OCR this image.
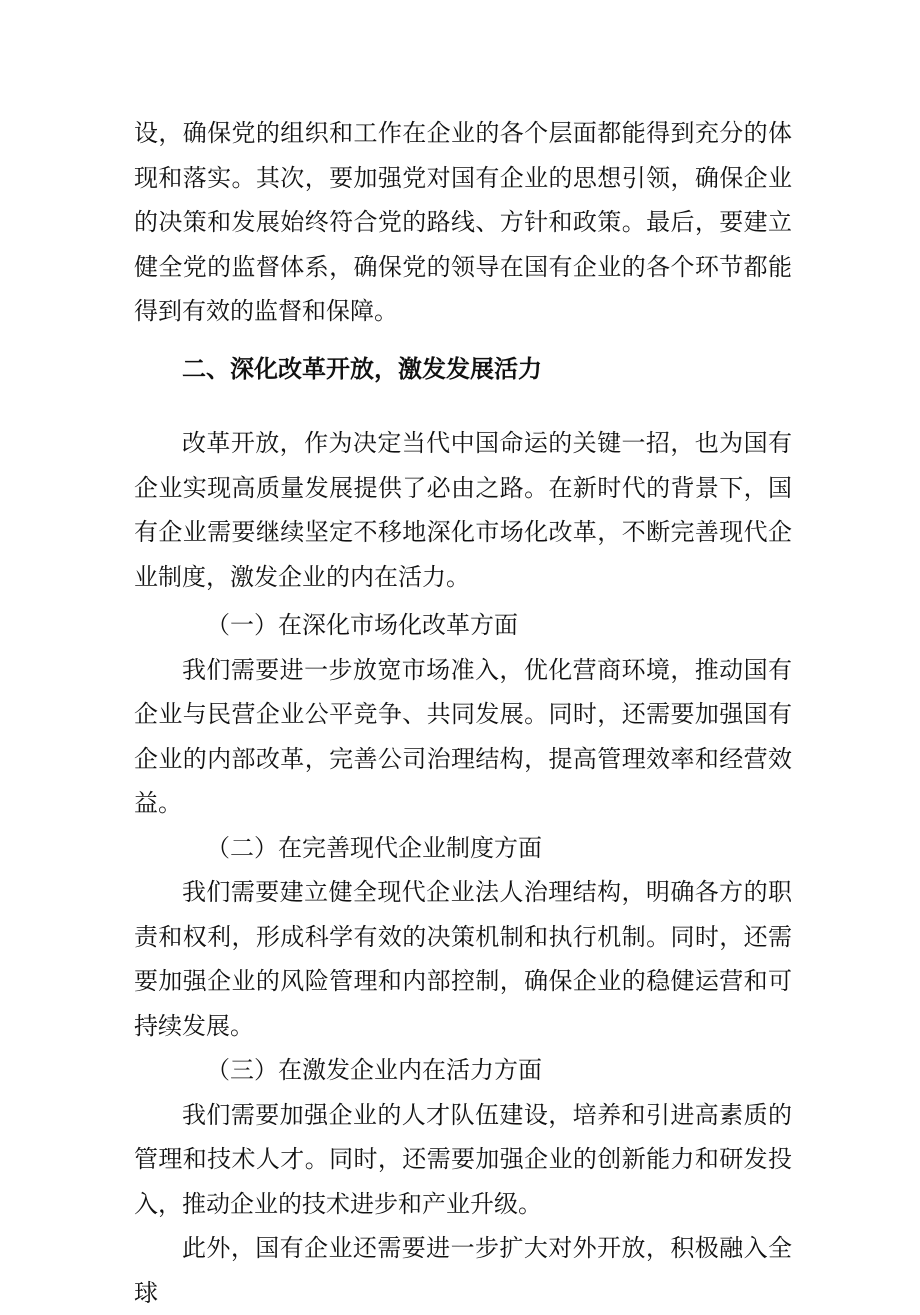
设，确保党的组织和工作在企业的各个层面都能得到充分的体现和落实。其次，要加强党对国有企业的思想引领，确保企业的决策和发展始终符合党的路线、方针和政策。最后，要建立健全党的监督体系，确保党的领导在国有企业的各个环节都能得到有效的监督和保障。

二、深化改革开放，激发发展活力

改革开放，作为决定当代中国命运的关键一招，也为国有企业实现高质量发展提供了必由之路。在新时代的背景下，国有企业需要继续坚定不移地深化市场化改革，不断完善现代企业制度，激发企业的内在活力。

（一）在深化市场化改革方面

我们需要进一步放宽市场准入，优化营商环境，推动国有企业与民营企业公平竞争、共同发展。同时，还需要加强国有企业的内部改革，完善公司治理结构，提高管理效率和经营效益。

（二）在完善现代企业制度方面

我们需要建立健全现代企业法人治理结构，明确各方的职责和权利，形成科学有效的决策机制和执行机制。同时，还需要加强企业的风险管理和内部控制，确保企业的稳健运营和可持续发展。

（三）在激发企业内在活力方面

我们需要加强企业的人才队伍建设，培养和引进高素质的管理和技术人才。同时，还需要加强企业的创新能力和研发投入，推动企业的技术进步和产业升级。

此外，国有企业还需要进一步扩大对外开放，积极融入全球
